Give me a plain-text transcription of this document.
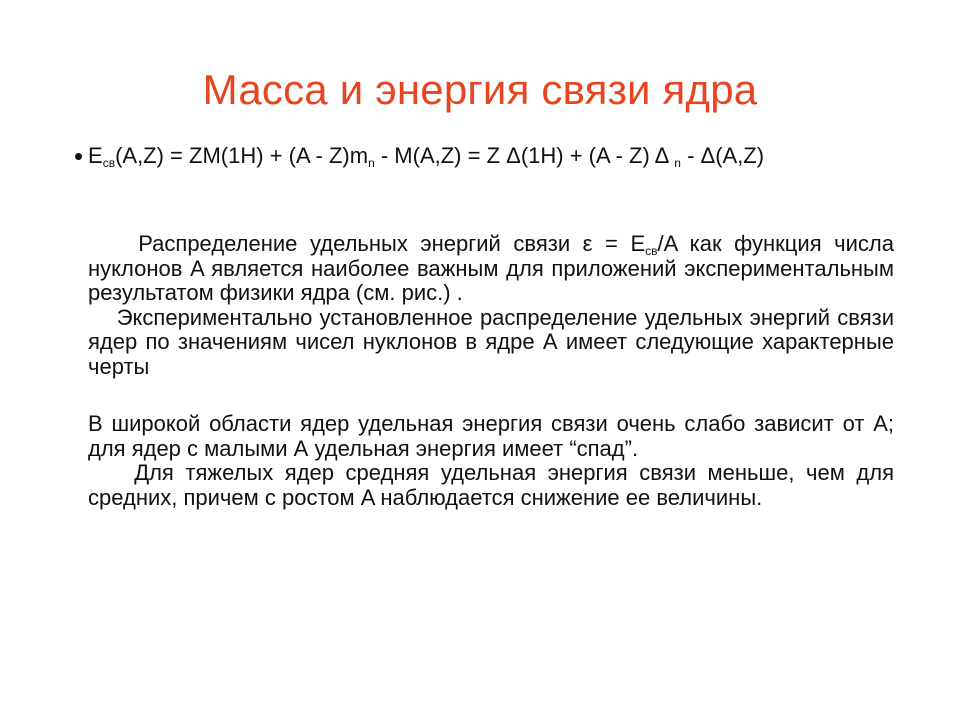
Масса и энергия связи ядра
• $E_{св}(A,Z) = ZM(1H) + (A - Z)m_n - M(A,Z) = Z$ Δ(1H) + (A - Z) Δ $_n$ - Δ(A,Z)

Распределение удельных энергий связи $\varepsilon = E_{св}/A$ как функция числа нуклонов A является наиболее важным для приложений экспериментальным результатом физики ядра (см. рис.) .
Экспериментально установленное распределение удельных энергий связи ядер по значениям чисел нуклонов в ядре А имеет следующие характерные черты

В широкой области ядер удельная энергия связи очень слабо зависит от A; для ядер с малыми А удельная энергия имеет “спад”.
Для тяжелых ядер средняя удельная энергия связи меньше, чем для средних, причем с ростом A наблюдается снижение ее величины.
